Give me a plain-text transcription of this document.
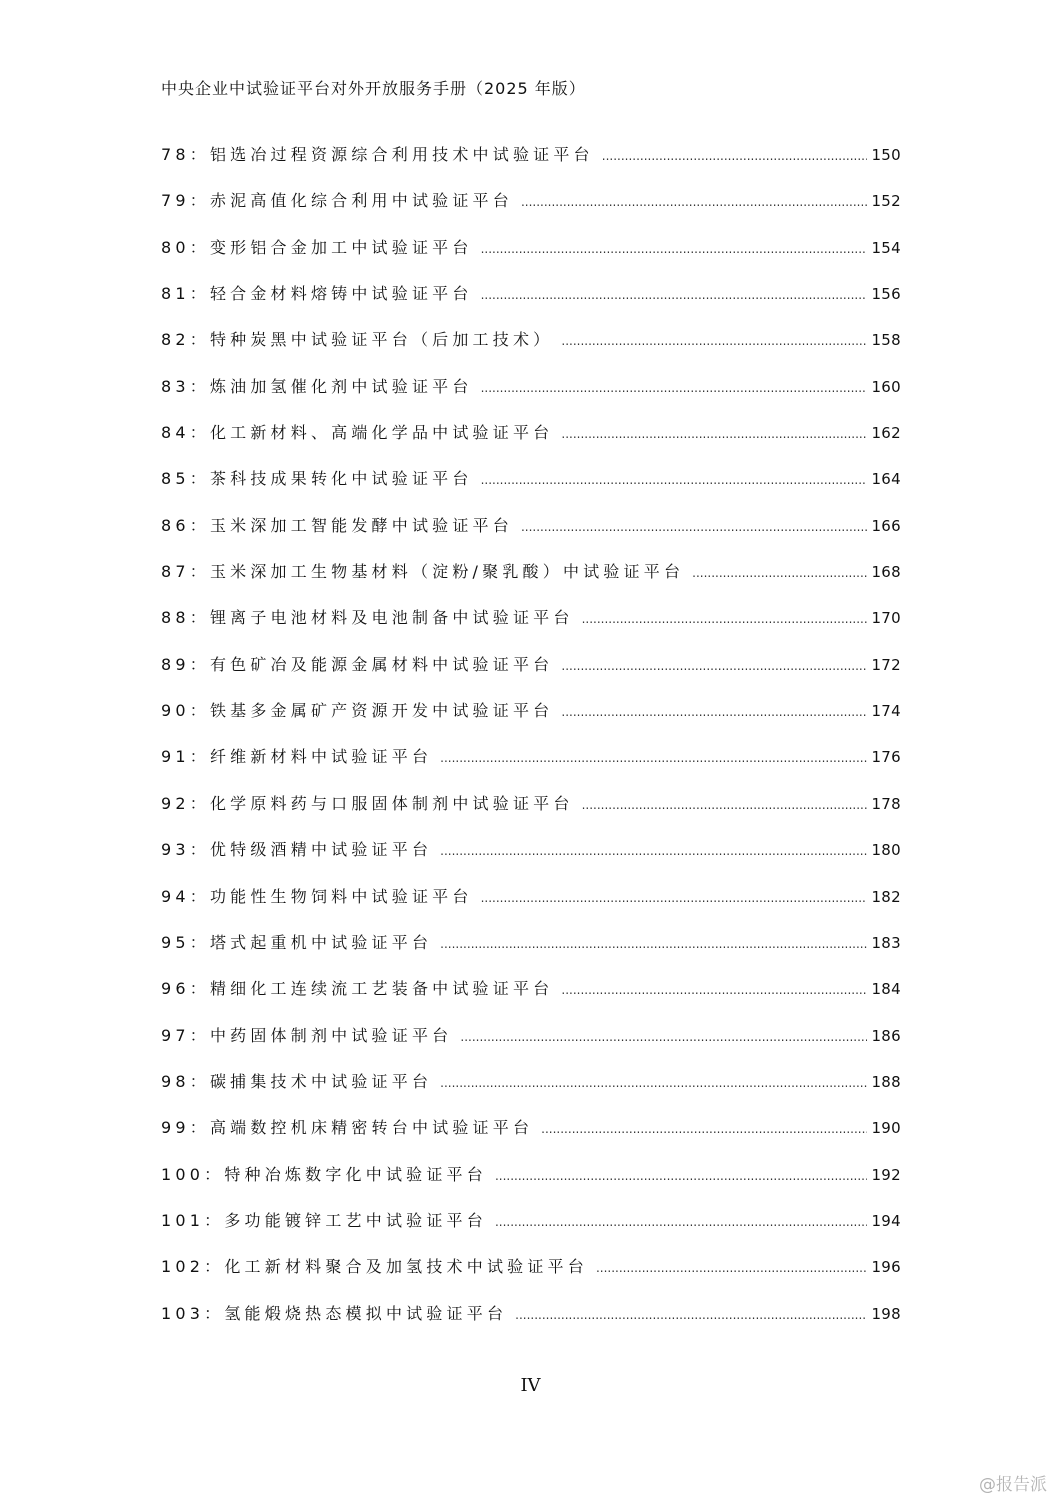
中央企业中试验证平台对外开放服务手册（2025 年版）
78：铝选冶过程资源综合利用技术中试验证平台 .....	150
79：赤泥高值化综合利用中试验证平台 .....	152
80：变形铝合金加工中试验证平台 .....	154
81：轻合金材料熔铸中试验证平台 .....	156
82：特种炭黑中试验证平台（后加工技术） .....	158
83：炼油加氢催化剂中试验证平台 .....	160
84：化工新材料、高端化学品中试验证平台 .....	162
85：茶科技成果转化中试验证平台 .....	164
86：玉米深加工智能发酵中试验证平台 .....	166
87：玉米深加工生物基材料（淀粉/聚乳酸）中试验证平台 .....	168
88：锂离子电池材料及电池制备中试验证平台 .....	170
89：有色矿冶及能源金属材料中试验证平台 .....	172
90：铁基多金属矿产资源开发中试验证平台 .....	174
91：纤维新材料中试验证平台 .....	176
92：化学原料药与口服固体制剂中试验证平台 .....	178
93：优特级酒精中试验证平台 .....	180
94：功能性生物饲料中试验证平台 .....	182
95：塔式起重机中试验证平台 .....	183
96：精细化工连续流工艺装备中试验证平台 .....	184
97：中药固体制剂中试验证平台 .....	186
98：碳捕集技术中试验证平台 .....	188
99：高端数控机床精密转台中试验证平台 .....	190
100：特种冶炼数字化中试验证平台 .....	192
101：多功能镀锌工艺中试验证平台 .....	194
102：化工新材料聚合及加氢技术中试验证平台 .....	196
103：氢能煅烧热态模拟中试验证平台 .....	198
IV
@报告派
